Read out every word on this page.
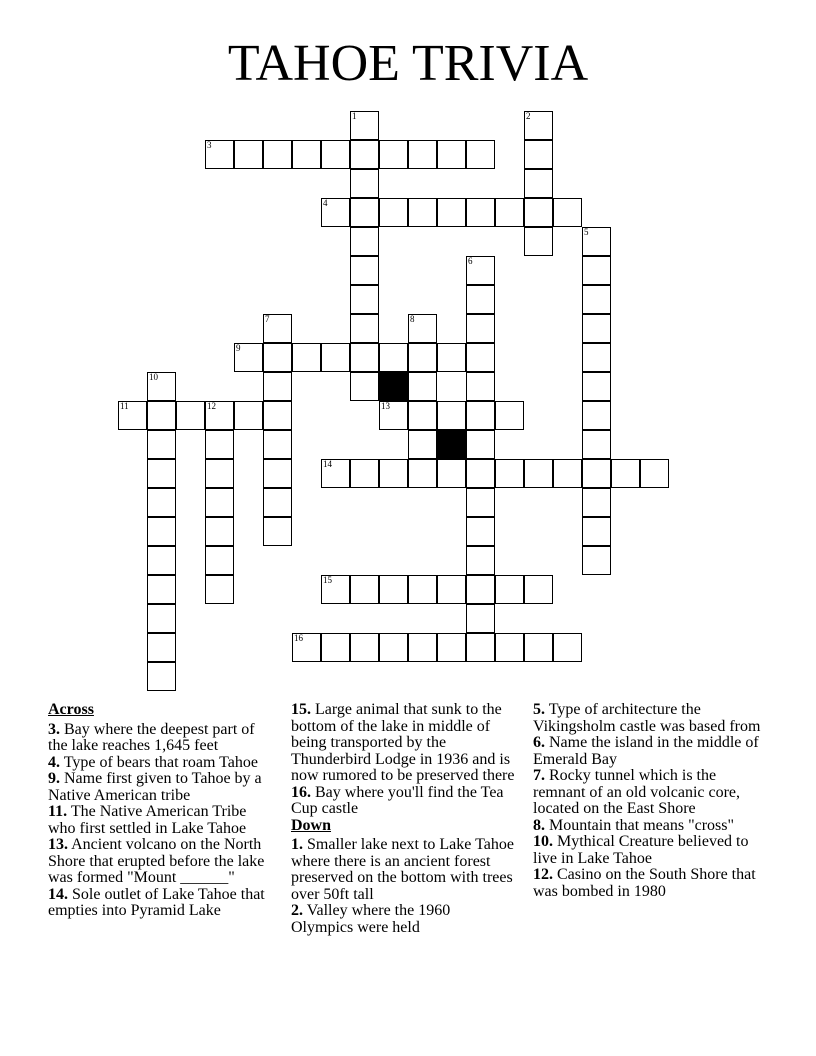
TAHOE TRIVIA
1	2
3
4
5
6
7	8
9
10
11	12	13
14
15
16
Across
3. Bay where the deepest part of the lake reaches 1,645 feet
4. Type of bears that roam Tahoe
9. Name first given to Tahoe by a Native American tribe
11. The Native American Tribe who first settled in Lake Tahoe
13. Ancient volcano on the North Shore that erupted before the lake was formed "Mount ______"
14. Sole outlet of Lake Tahoe that empties into Pyramid Lake
15. Large animal that sunk to the bottom of the lake in middle of being transported by the Thunderbird Lodge in 1936 and is now rumored to be preserved there
16. Bay where you'll find the Tea Cup castle
Down
1. Smaller lake next to Lake Tahoe where there is an ancient forest preserved on the bottom with trees over 50ft tall
2. Valley where the 1960 Olympics were held
5. Type of architecture the Vikingsholm castle was based from
6. Name the island in the middle of Emerald Bay
7. Rocky tunnel which is the remnant of an old volcanic core, located on the East Shore
8. Mountain that means "cross"
10. Mythical Creature believed to live in Lake Tahoe
12. Casino on the South Shore that was bombed in 1980
